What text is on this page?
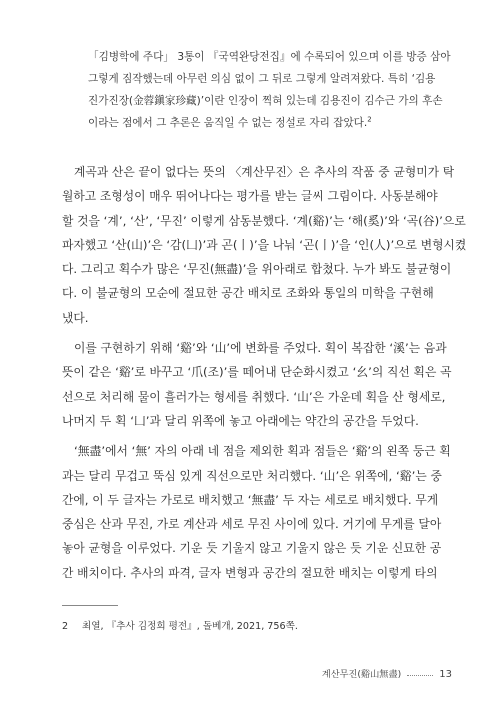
「김병학에 주다」 3통이 『국역완당전집』에 수록되어 있으며 이를 방증 삼아

그렇게 짐작했는데 아무런 의심 없이 그 뒤로 그렇게 알려져왔다. 특히 ‘김용

진가진장(金蓉鎭家珍藏)’이란 인장이 찍혀 있는데 김용진이 김수근 가의 후손

이라는 점에서 그 추론은 움직일 수 없는 정설로 자리 잡았다.$^2$

계곡과 산은 끝이 없다는 뜻의 〈계산무진〉은 추사의 작품 중 균형미가 탁
월하고 조형성이 매우 뛰어나다는 평가를 받는 글씨 그림이다. 사동분해야
할 것을 ‘계’, ‘산’, ‘무진’ 이렇게 삼동분했다. ‘계(谿)’는 ‘해(奚)’와 ‘곡(谷)’으로
파자했고 ‘산(山)’은 ‘감(凵)’과 곤(丨)’을 나눠 ‘곤(丨)’을 ‘인(人)’으로 변형시켰
다. 그리고 획수가 많은 ‘무진(無盡)’을 위아래로 합쳤다. 누가 봐도 불균형이
다. 이 불균형의 모순에 절묘한 공간 배치로 조화와 통일의 미학을 구현해
냈다.

이를 구현하기 위해 ‘谿’와 ‘山’에 변화를 주었다. 획이 복잡한 ‘溪’는 음과
뜻이 같은 ‘谿’로 바꾸고 ‘爪(조)’를 떼어내 단순화시켰고 ‘幺’의 직선 획은 곡
선으로 처리해 물이 흘러가는 형세를 취했다. ‘山’은 가운데 획을 산 형세로,
나머지 두 획 ‘凵’과 달리 위쪽에 놓고 아래에는 약간의 공간을 두었다.

‘無盡’에서 ‘無’ 자의 아래 네 점을 제외한 획과 점들은 ‘谿’의 왼쪽 둥근 획
과는 달리 무겁고 뚝심 있게 직선으로만 처리했다. ‘山’은 위쪽에, ‘谿’는 중
간에, 이 두 글자는 가로로 배치했고 ‘無盡’ 두 자는 세로로 배치했다. 무게
중심은 산과 무진, 가로 계산과 세로 무진 사이에 있다. 거기에 무게를 달아
놓아 균형을 이루었다. 기운 듯 기울지 않고 기울지 않은 듯 기운 신묘한 공
간 배치이다. 추사의 파격, 글자 변형과 공간의 절묘한 배치는 이렇게 타의

2 최열, 『추사 김정희 평전』, 돌베개, 2021, 756쪽.
계산무진(谿山無盡)	13
